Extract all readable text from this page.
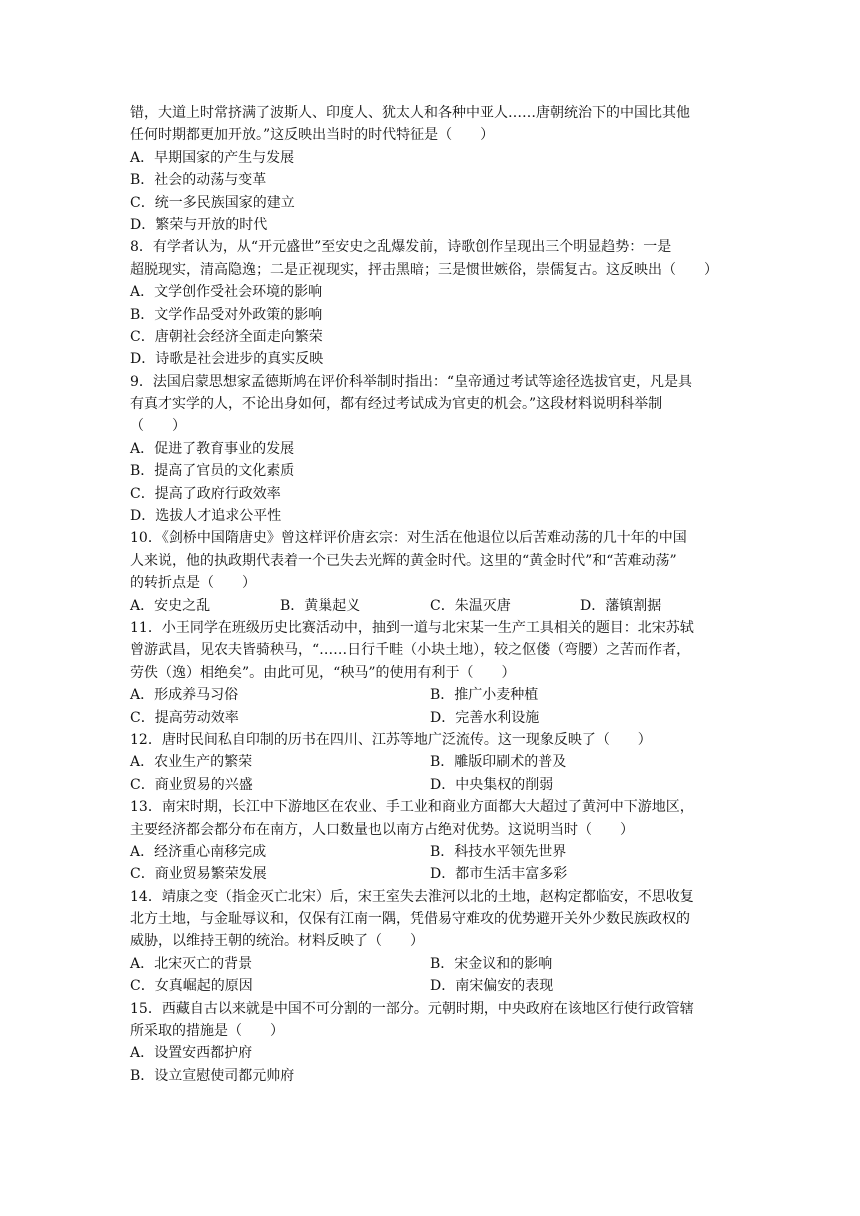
错，大道上时常挤满了波斯人、印度人、犹太人和各种中亚人……唐朝统治下的中国比其他
任何时期都更加开放。”这反映出当时的时代特征是（　　）
A．早期国家的产生与发展
B．社会的动荡与变革
C．统一多民族国家的建立
D．繁荣与开放的时代
8．有学者认为，从“开元盛世”至安史之乱爆发前，诗歌创作呈现出三个明显趋势：一是
超脱现实，清高隐逸；二是正视现实，抨击黑暗；三是惯世嫉俗，崇儒复古。这反映出（　　）
A．文学创作受社会环境的影响
B．文学作品受对外政策的影响
C．唐朝社会经济全面走向繁荣
D．诗歌是社会进步的真实反映
9．法国启蒙思想家孟德斯鸠在评价科举制时指出：“皇帝通过考试等途径选拔官吏，凡是具
有真才实学的人，不论出身如何，都有经过考试成为官吏的机会。”这段材料说明科举制
（　　）
A．促进了教育事业的发展
B．提高了官员的文化素质
C．提高了政府行政效率
D．选拔人才追求公平性
10．《剑桥中国隋唐史》曾这样评价唐玄宗：对生活在他退位以后苦难动荡的几十年的中国
人来说，他的执政期代表着一个已失去光辉的黄金时代。这里的“黄金时代”和“苦难动荡”
的转折点是（　　）
A．安史之乱	B．黄巢起义	C．朱温灭唐	D．藩镇割据
11．小王同学在班级历史比赛活动中，抽到一道与北宋某一生产工具相关的题目：北宋苏轼
曾游武昌，见农夫皆骑秧马，“……日行千畦（小块土地），较之伛偻（弯腰）之苦而作者，
劳佚（逸）相绝矣”。由此可见，“秧马”的使用有利于（　　）
A．形成养马习俗	B．推广小麦种植
C．提高劳动效率	D．完善水利设施
12．唐时民间私自印制的历书在四川、江苏等地广泛流传。这一现象反映了（　　）
A．农业生产的繁荣	B．雕版印刷术的普及
C．商业贸易的兴盛	D．中央集权的削弱
13．南宋时期，长江中下游地区在农业、手工业和商业方面都大大超过了黄河中下游地区，
主要经济都会都分布在南方，人口数量也以南方占绝对优势。这说明当时（　　）
A．经济重心南移完成	B．科技水平领先世界
C．商业贸易繁荣发展	D．都市生活丰富多彩
14．靖康之变（指金灭亡北宋）后，宋王室失去淮河以北的土地，赵构定都临安，不思收复
北方土地，与金耻辱议和，仅保有江南一隅，凭借易守难攻的优势避开关外少数民族政权的
威胁，以维持王朝的统治。材料反映了（　　）
A．北宋灭亡的背景	B．宋金议和的影响
C．女真崛起的原因	D．南宋偏安的表现
15．西藏自古以来就是中国不可分割的一部分。元朝时期，中央政府在该地区行使行政管辖
所采取的措施是（　　）
A．设置安西都护府
B．设立宣慰使司都元帅府
